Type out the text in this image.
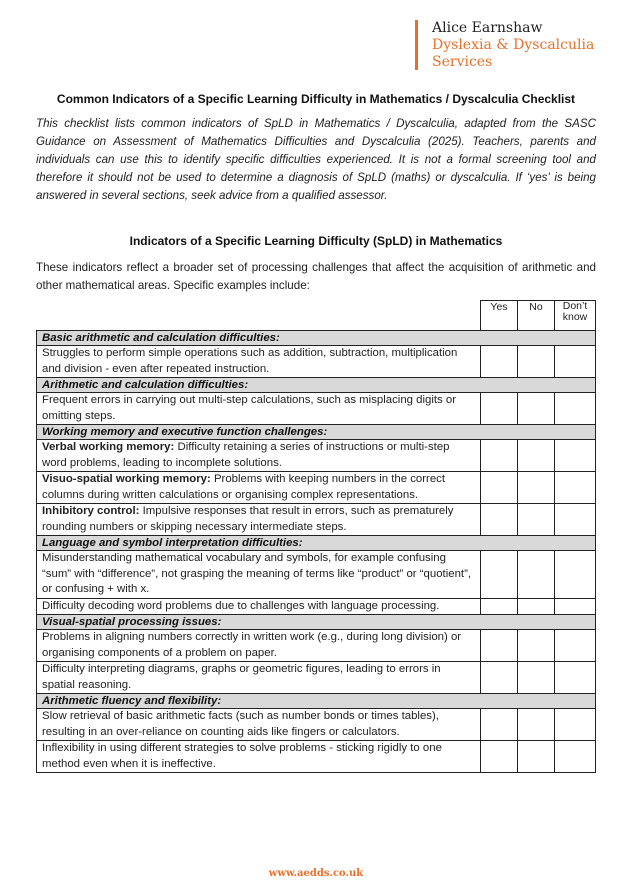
Alice Earnshaw
Dyslexia & Dyscalculia
Services
Common Indicators of a Specific Learning Difficulty in Mathematics / Dyscalculia Checklist
This checklist lists common indicators of SpLD in Mathematics / Dyscalculia, adapted from the SASC Guidance on Assessment of Mathematics Difficulties and Dyscalculia (2025). Teachers, parents and individuals can use this to identify specific difficulties experienced. It is not a formal screening tool and therefore it should not be used to determine a diagnosis of SpLD (maths) or dyscalculia. If ‘yes’ is being answered in several sections, seek advice from a qualified assessor.
Indicators of a Specific Learning Difficulty (SpLD) in Mathematics
These indicators reflect a broader set of processing challenges that affect the acquisition of arithmetic and other mathematical areas. Specific examples include:
	Yes	No	Don’t know
Basic arithmetic and calculation difficulties:			
Struggles to perform simple operations such as addition, subtraction, multiplication and division - even after repeated instruction.			
Arithmetic and calculation difficulties:			
Frequent errors in carrying out multi-step calculations, such as misplacing digits or omitting steps.			
Working memory and executive function challenges:			
Verbal working memory: Difficulty retaining a series of instructions or multi-step word problems, leading to incomplete solutions.			
Visuo-spatial working memory: Problems with keeping numbers in the correct columns during written calculations or organising complex representations.			
Inhibitory control: Impulsive responses that result in errors, such as prematurely rounding numbers or skipping necessary intermediate steps.			
Language and symbol interpretation difficulties:			
Misunderstanding mathematical vocabulary and symbols, for example confusing “sum” with “difference”, not grasping the meaning of terms like “product” or “quotient”, or confusing + with x.			
Difficulty decoding word problems due to challenges with language processing.			
Visual-spatial processing issues:			
Problems in aligning numbers correctly in written work (e.g., during long division) or organising components of a problem on paper.			
Difficulty interpreting diagrams, graphs or geometric figures, leading to errors in spatial reasoning.			
Arithmetic fluency and flexibility:			
Slow retrieval of basic arithmetic facts (such as number bonds or times tables), resulting in an over-reliance on counting aids like fingers or calculators.			
Inflexibility in using different strategies to solve problems - sticking rigidly to one method even when it is ineffective.			
www.aedds.co.uk
